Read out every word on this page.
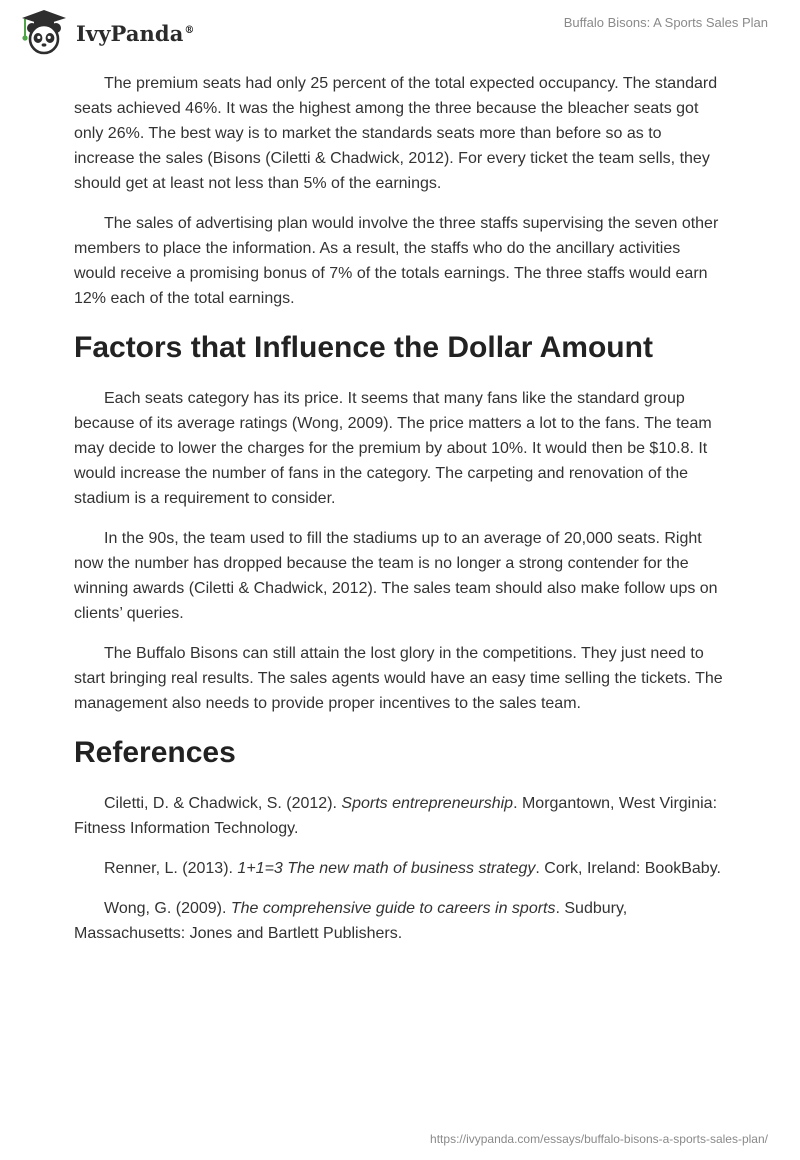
IvyPanda®	Buffalo Bisons: A Sports Sales Plan

The premium seats had only 25 percent of the total expected occupancy. The standard seats achieved 46%. It was the highest among the three because the bleacher seats got only 26%. The best way is to market the standards seats more than before so as to increase the sales (Bisons (Ciletti & Chadwick, 2012). For every ticket the team sells, they should get at least not less than 5% of the earnings.

The sales of advertising plan would involve the three staffs supervising the seven other members to place the information. As a result, the staffs who do the ancillary activities would receive a promising bonus of 7% of the totals earnings. The three staffs would earn 12% each of the total earnings.

Factors that Influence the Dollar Amount

Each seats category has its price. It seems that many fans like the standard group because of its average ratings (Wong, 2009). The price matters a lot to the fans. The team may decide to lower the charges for the premium by about 10%. It would then be $10.8. It would increase the number of fans in the category. The carpeting and renovation of the stadium is a requirement to consider.

In the 90s, the team used to fill the stadiums up to an average of 20,000 seats. Right now the number has dropped because the team is no longer a strong contender for the winning awards (Ciletti & Chadwick, 2012). The sales team should also make follow ups on clients’ queries.

The Buffalo Bisons can still attain the lost glory in the competitions. They just need to start bringing real results. The sales agents would have an easy time selling the tickets. The management also needs to provide proper incentives to the sales team.

References

Ciletti, D. & Chadwick, S. (2012). Sports entrepreneurship. Morgantown, West Virginia: Fitness Information Technology.

Renner, L. (2013). 1+1=3 The new math of business strategy. Cork, Ireland: BookBaby.

Wong, G. (2009). The comprehensive guide to careers in sports. Sudbury, Massachusetts: Jones and Bartlett Publishers.

https://ivypanda.com/essays/buffalo-bisons-a-sports-sales-plan/
